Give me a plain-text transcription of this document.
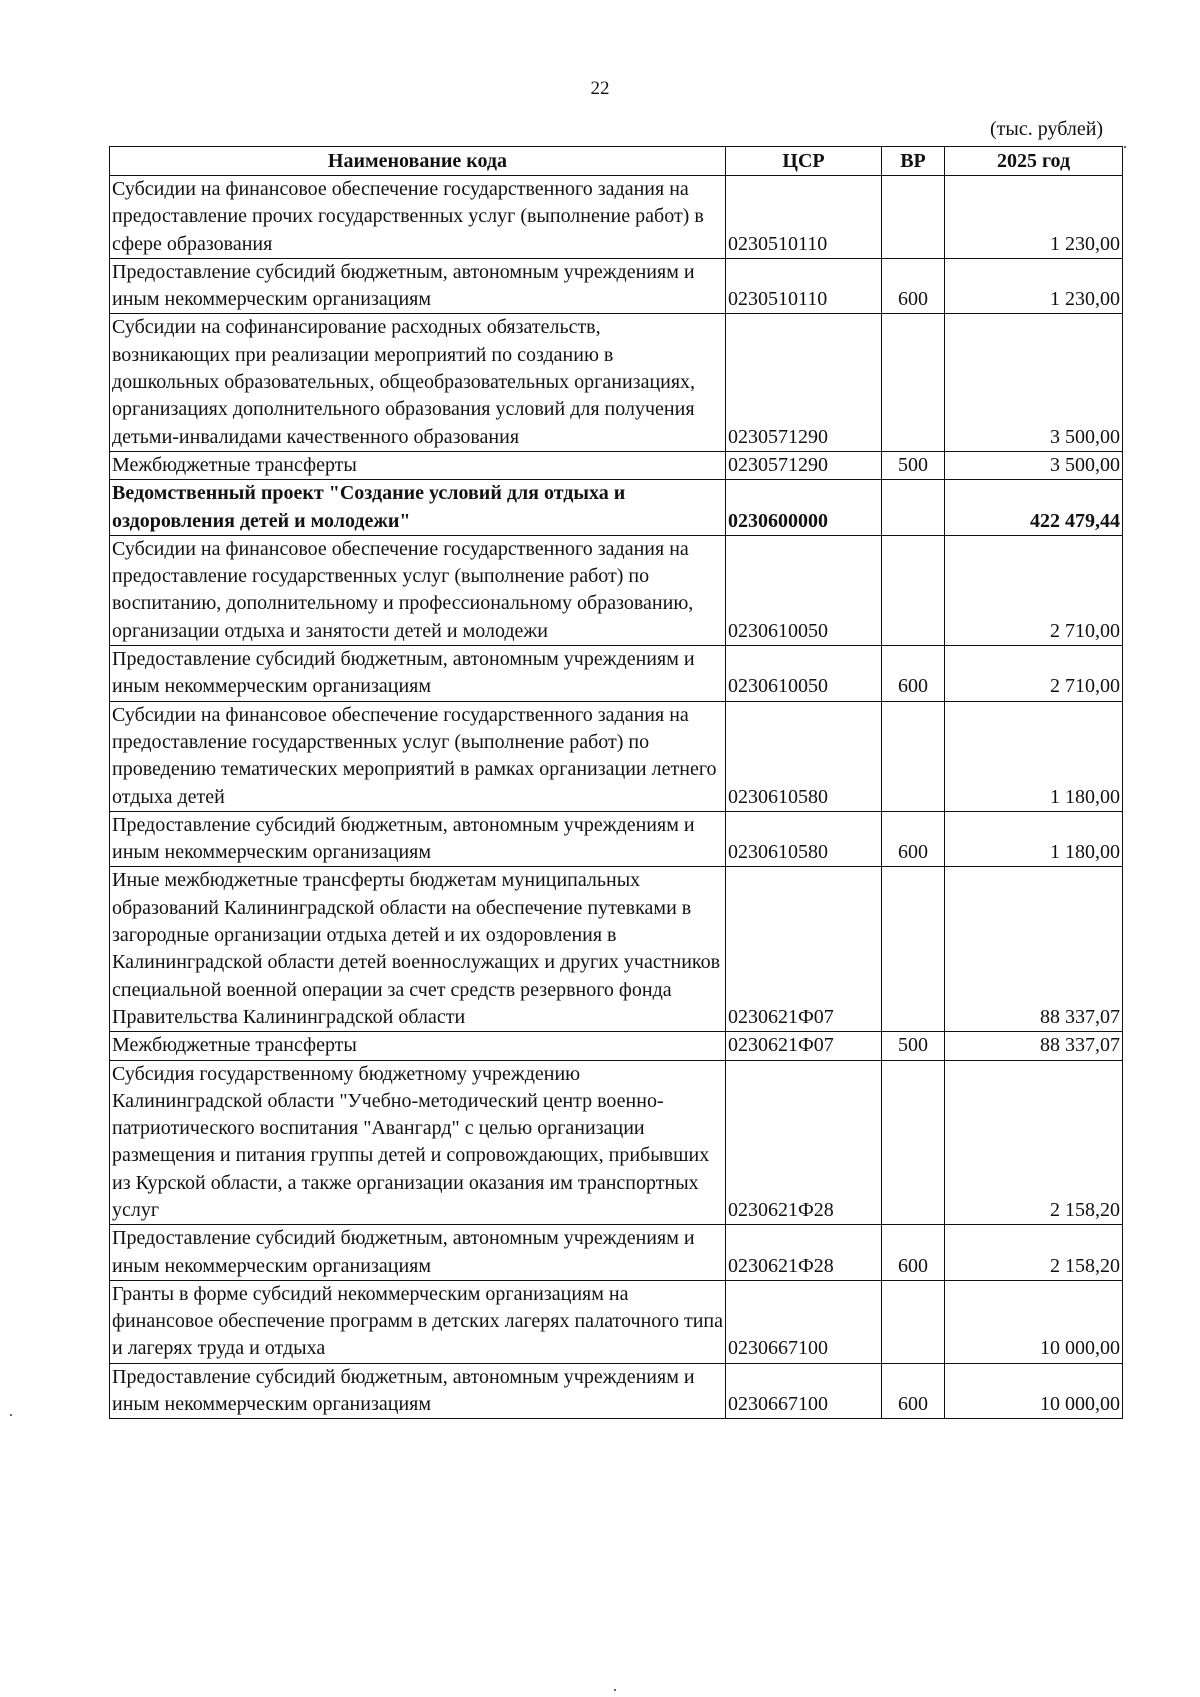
22
(тыс. рублей)
Наименование кода	ЦСР	ВР	2025 год
Субсидии на финансовое обеспечение государственного задания на предоставление прочих государственных услуг (выполнение работ) в сфере образования	0230510110		1 230,00
Предоставление субсидий бюджетным, автономным учреждениям и иным некоммерческим организациям	0230510110	600	1 230,00
Субсидии на софинансирование расходных обязательств, возникающих при реализации мероприятий по созданию в дошкольных образовательных, общеобразовательных организациях, организациях дополнительного образования условий для получения детьми-инвалидами качественного образования	0230571290		3 500,00
Межбюджетные трансферты	0230571290	500	3 500,00
Ведомственный проект "Создание условий для отдыха и оздоровления детей и молодежи"	0230600000		422 479,44
Субсидии на финансовое обеспечение государственного задания на предоставление государственных услуг (выполнение работ) по воспитанию, дополнительному и профессиональному образованию, организации отдыха и занятости детей и молодежи	0230610050		2 710,00
Предоставление субсидий бюджетным, автономным учреждениям и иным некоммерческим организациям	0230610050	600	2 710,00
Субсидии на финансовое обеспечение государственного задания на предоставление государственных услуг (выполнение работ) по проведению тематических мероприятий в рамках организации летнего отдыха детей	0230610580		1 180,00
Предоставление субсидий бюджетным, автономным учреждениям и иным некоммерческим организациям	0230610580	600	1 180,00
Иные межбюджетные трансферты бюджетам муниципальных образований Калининградской области на обеспечение путевками в загородные организации отдыха детей и их оздоровления в Калининградской области детей военнослужащих и других участников специальной военной операции за счет средств резервного фонда Правительства Калининградской области	0230621Ф07		88 337,07
Межбюджетные трансферты	0230621Ф07	500	88 337,07
Субсидия государственному бюджетному учреждению Калининградской области "Учебно-методический центр военно-патриотического воспитания "Авангард" с целью организации размещения и питания группы детей и сопровождающих, прибывших из Курской области, а также организации оказания им транспортных услуг	0230621Ф28		2 158,20
Предоставление субсидий бюджетным, автономным учреждениям и иным некоммерческим организациям	0230621Ф28	600	2 158,20
Гранты в форме субсидий некоммерческим организациям на финансовое обеспечение программ в детских лагерях палаточного типа и лагерях труда и отдыха	0230667100		10 000,00
Предоставление субсидий бюджетным, автономным учреждениям и иным некоммерческим организациям	0230667100	600	10 000,00
